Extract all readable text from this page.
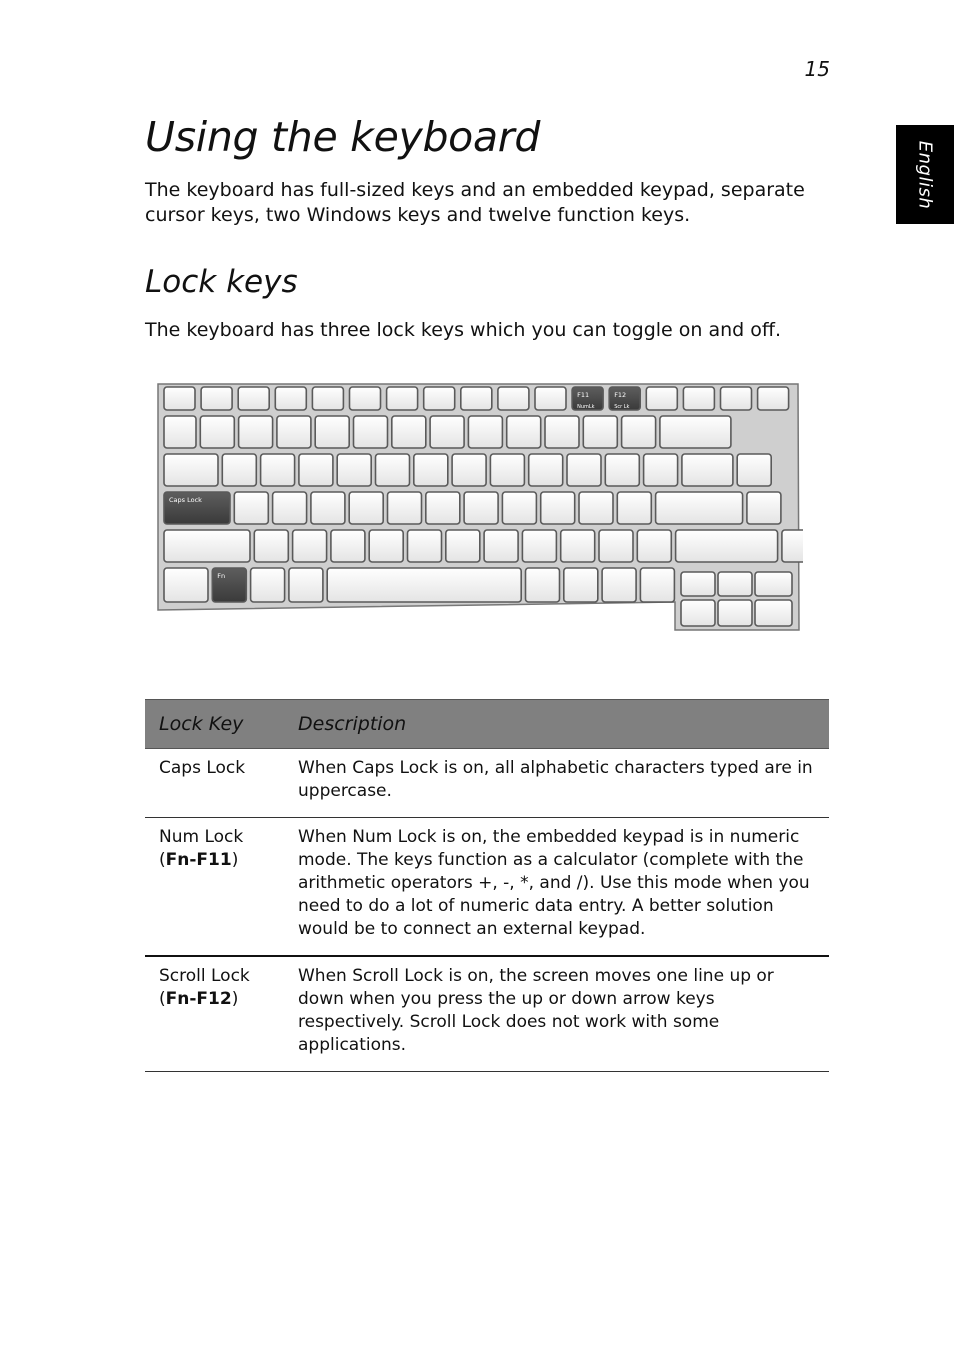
15
English
Using the keyboard

The keyboard has full-sized keys and an embedded keypad, separate cursor keys, two Windows keys and twelve function keys.

Lock keys

The keyboard has three lock keys which you can toggle on and off.

F11
NumLk
F12
Scr Lk
Caps Lock
Fn
Lock Key	Description
Caps Lock	When Caps Lock is on, all alphabetic characters typed are in uppercase.
Num Lock
(Fn-F11)	When Num Lock is on, the embedded keypad is in numeric mode. The keys function as a calculator (complete with the arithmetic operators +, -, *, and /). Use this mode when you need to do a lot of numeric data entry. A better solution would be to connect an external keypad.
Scroll Lock
(Fn-F12)	When Scroll Lock is on, the screen moves one line up or down when you press the up or down arrow keys respectively. Scroll Lock does not work with some applications.
